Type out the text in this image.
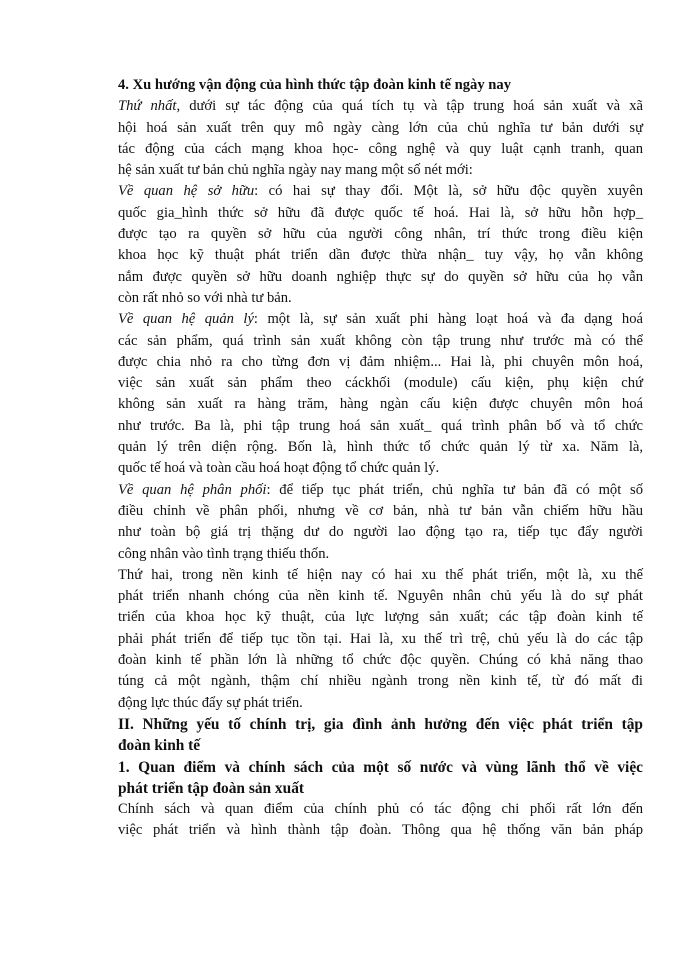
4. Xu hướng vận động của hình thức tập đoàn kinh tế ngày nay
Thứ nhất, dưới sự tác động của quá tích tụ và tập trung hoá sản xuất và xã
hội hoá sản xuất trên quy mô ngày càng lớn của chủ nghĩa tư bản dưới sự
tác động của cách mạng khoa học- công nghệ và quy luật cạnh tranh, quan
hệ sản xuất tư bản chủ nghĩa ngày nay mang một số nét mới:
Về quan hệ sở hữu: có hai sự thay đổi. Một là, sở hữu độc quyền xuyên
quốc gia_hình thức sở hữu đã được quốc tế hoá. Hai là, sở hữu hỗn hợp_
được tạo ra quyền sở hữu của người công nhân, trí thức trong điều kiện
khoa học kỹ thuật phát triển dần được thừa nhận_ tuy vậy, họ vẫn không
nắm được quyền sở hữu doanh nghiệp thực sự do quyền sở hữu của họ vẫn
còn rất nhỏ so với nhà tư bản.
Về quan hệ quản lý: một là, sự sản xuất phi hàng loạt hoá và đa dạng hoá
các sản phẩm, quá trình sản xuất không còn tập trung như trước mà có thể
được chia nhỏ ra cho từng đơn vị đảm nhiệm... Hai là, phi chuyên môn hoá,
việc sản xuất sản phẩm theo cáckhối (module) cấu kiện, phụ kiện chứ
không sản xuất ra hàng trăm, hàng ngàn cấu kiện được chuyên môn hoá
như trước. Ba là, phi tập trung hoá sản xuất_ quá trình phân bố và tổ chức
quản lý trên diện rộng. Bốn là, hình thức tổ chức quản lý từ xa. Năm là,
quốc tế hoá và toàn cầu hoá hoạt động tổ chức quản lý.
Về quan hệ phân phối: để tiếp tục phát triển, chủ nghĩa tư bản đã có một số
điều chỉnh về phân phối, nhưng về cơ bản, nhà tư bản vẫn chiếm hữu hầu
như toàn bộ giá trị thặng dư do người lao động tạo ra, tiếp tục đẩy người
công nhân vào tình trạng thiếu thốn.
Thứ hai, trong nền kinh tế hiện nay có hai xu thế phát triển, một là, xu thế
phát triển nhanh chóng của nền kinh tế. Nguyên nhân chủ yếu là do sự phát
triển của khoa học kỹ thuật, của lực lượng sản xuất; các tập đoàn kinh tế
phải phát triển để tiếp tục tồn tại. Hai là, xu thế trì trệ, chủ yếu là do các tập
đoàn kinh tế phần lớn là những tổ chức độc quyền. Chúng có khả năng thao
túng cả một ngành, thậm chí nhiều ngành trong nền kinh tế, từ đó mất đi
động lực thúc đẩy sự phát triển.
II. Những yếu tố chính trị, gia đình ảnh hưởng đến việc phát triển tập
đoàn kinh tế
1. Quan điểm và chính sách của một số nước và vùng lãnh thổ về việc
phát triển tập đoàn sản xuất
Chính sách và quan điểm của chính phủ có tác động chi phối rất lớn đến
việc phát triển và hình thành tập đoàn. Thông qua hệ thống văn bản pháp
